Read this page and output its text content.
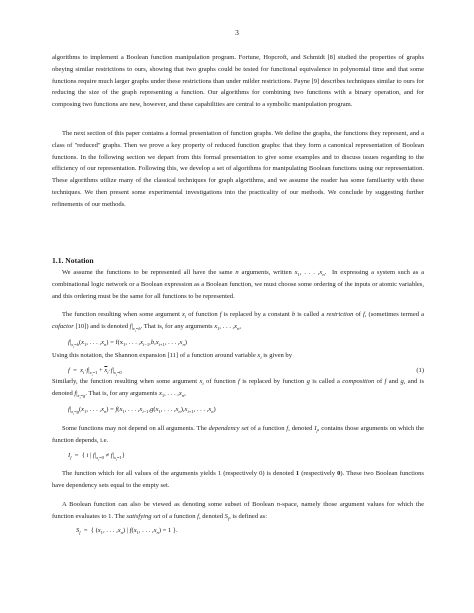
3

algorithms to implement a Boolean function manipulation program. Fortune, Hopcroft, and Schmidt [8] studied the properties of graphs obeying similar restrictions to ours, showing that two graphs could be tested for functional equivalence in polynomial time and that some functions require much larger graphs under these restrictions than under milder restrictions. Payne [9] describes techniques similar to ours for reducing the size of the graph representing a function. Our algorithms for combining two functions with a binary operation, and for composing two functions are new, however, and these capabilities are central to a symbolic manipulation program.

The next section of this paper contains a formal presentation of function graphs. We define the graphs, the functions they represent, and a class of "reduced" graphs. Then we prove a key property of reduced function graphs: that they form a canonical representation of Boolean functions. In the following section we depart from this formal presentation to give some examples and to discuss issues regarding to the efficiency of our representation. Following this, we develop a set of algorithms for manipulating Boolean functions using our representation. These algorithms utilize many of the classical techniques for graph algorithms, and we assume the reader has some familiarity with these techniques. We then present some experimental investigations into the practicality of our methods. We conclude by suggesting further refinements of our methods.

1.1. Notation

We assume the functions to be represented all have the same n arguments, written $x_1$, . . . $,x_n$.  In expressing a system such as a combinational logic network or a Boolean expression as a Boolean function, we must choose some ordering of the inputs or atomic variables, and this ordering must be the same for all functions to be represented.

The function resulting when some argument $x_i$ of function f is replaced by a constant b is called a restriction of f, (sometimes termed a cofactor [10]) and is denoted $f|_{x_i=b}$. That is, for any arguments $x_1$, . . . $,x_n$,

$f|_{x_i=b}(x_1$, . . . $,x_n) = f(x_1$, . . . $,x_{i-1},b,x_{i+1}$, . . . $,x_n$)

Using this notation, the Shannon expansion [11] of a function around variable $x_i$ is given by

$f = x_i\cdot f|_{x_i=1} + \overline{x}_i\cdot f|_{x_i=0}$	(1)

Similarly, the function resulting when some argument $x_i$ of function f is replaced by function g is called a composition of f and g, and is denoted $f|_{x_i=g}$. That is, for any arguments $x_1$, . . . $,x_n$,

$f|_{x_i=g}(x_1$, . . . $,x_n) = f(x_1$, . . . $,x_{i-1},g(x_1$, . . . $,x_n),x_{i+1}$, . . . $,x_n$)

Some functions may not depend on all arguments. The dependency set of a function f, denoted $I_f$, contains those arguments on which the function depends, i.e.

$I_f$  =  { i | $f|_{x_i=0} \ne f|_{x_i=1}$}

The function which for all values of the arguments yields 1 (respectively 0) is denoted 1 (respectively 0). These two Boolean functions have dependency sets equal to the empty set.

A Boolean function can also be viewed as denoting some subset of Boolean n-space, namely those argument values for which the function evaluates to 1. The satisfying set of a function f, denoted $S_f$, is defined as:

$S_f$  =  { ($x_1$, . . . $,x_n$) | $f(x_1$, . . . $,x_n) = 1$ }.
